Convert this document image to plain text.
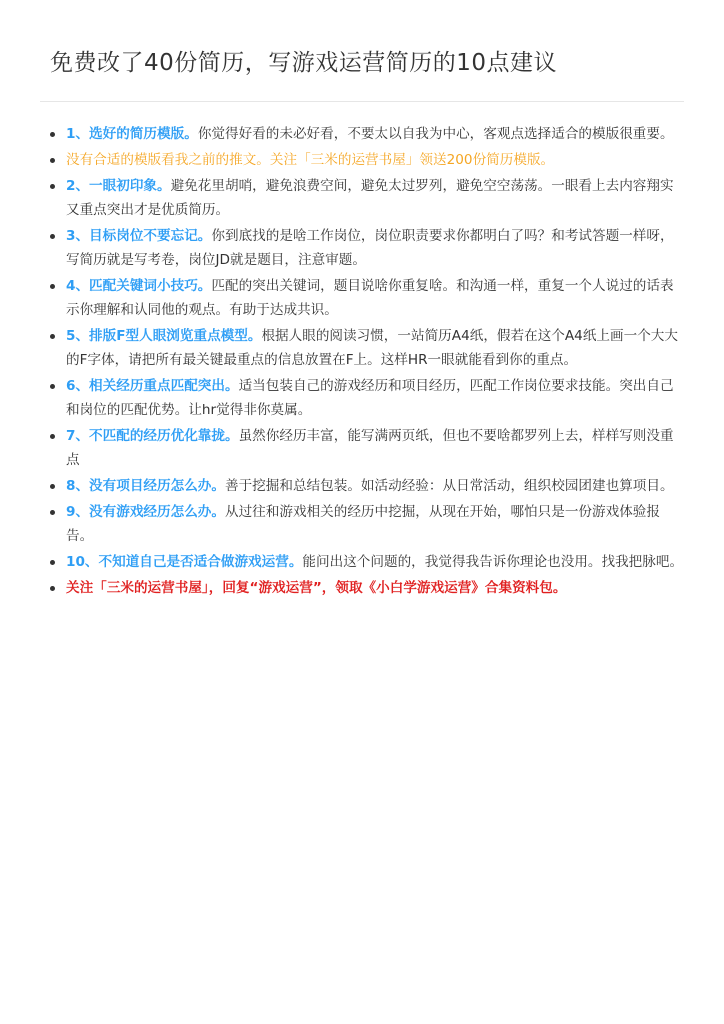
免费改了40份简历，写游戏运营简历的10点建议
1、选好的简历模版。你觉得好看的未必好看，不要太以自我为中心，客观点选择适合的模版很重要。
没有合适的模版看我之前的推文。关注「三米的运营书屋」领送200份简历模版。
2、一眼初印象。避免花里胡哨，避免浪费空间，避免太过罗列，避免空空荡荡。一眼看上去内容翔实又重点突出才是优质简历。
3、目标岗位不要忘记。你到底找的是啥工作岗位，岗位职责要求你都明白了吗？和考试答题一样呀，写简历就是写考卷，岗位JD就是题目，注意审题。
4、匹配关键词小技巧。匹配的突出关键词，题目说啥你重复啥。和沟通一样，重复一个人说过的话表示你理解和认同他的观点。有助于达成共识。
5、排版F型人眼浏览重点模型。根据人眼的阅读习惯，一站简历A4纸，假若在这个A4纸上画一个大大的F字体，请把所有最关键最重点的信息放置在F上。这样HR一眼就能看到你的重点。
6、相关经历重点匹配突出。适当包装自己的游戏经历和项目经历，匹配工作岗位要求技能。突出自己和岗位的匹配优势。让hr觉得非你莫属。
7、不匹配的经历优化靠拢。虽然你经历丰富，能写满两页纸，但也不要啥都罗列上去，样样写则没重点
8、没有项目经历怎么办。善于挖掘和总结包装。如活动经验：从日常活动，组织校园团建也算项目。
9、没有游戏经历怎么办。从过往和游戏相关的经历中挖掘，从现在开始，哪怕只是一份游戏体验报告。
10、不知道自己是否适合做游戏运营。能问出这个问题的，我觉得我告诉你理论也没用。找我把脉吧。
关注「三米的运营书屋」，回复“游戏运营”，领取《小白学游戏运营》合集资料包。
